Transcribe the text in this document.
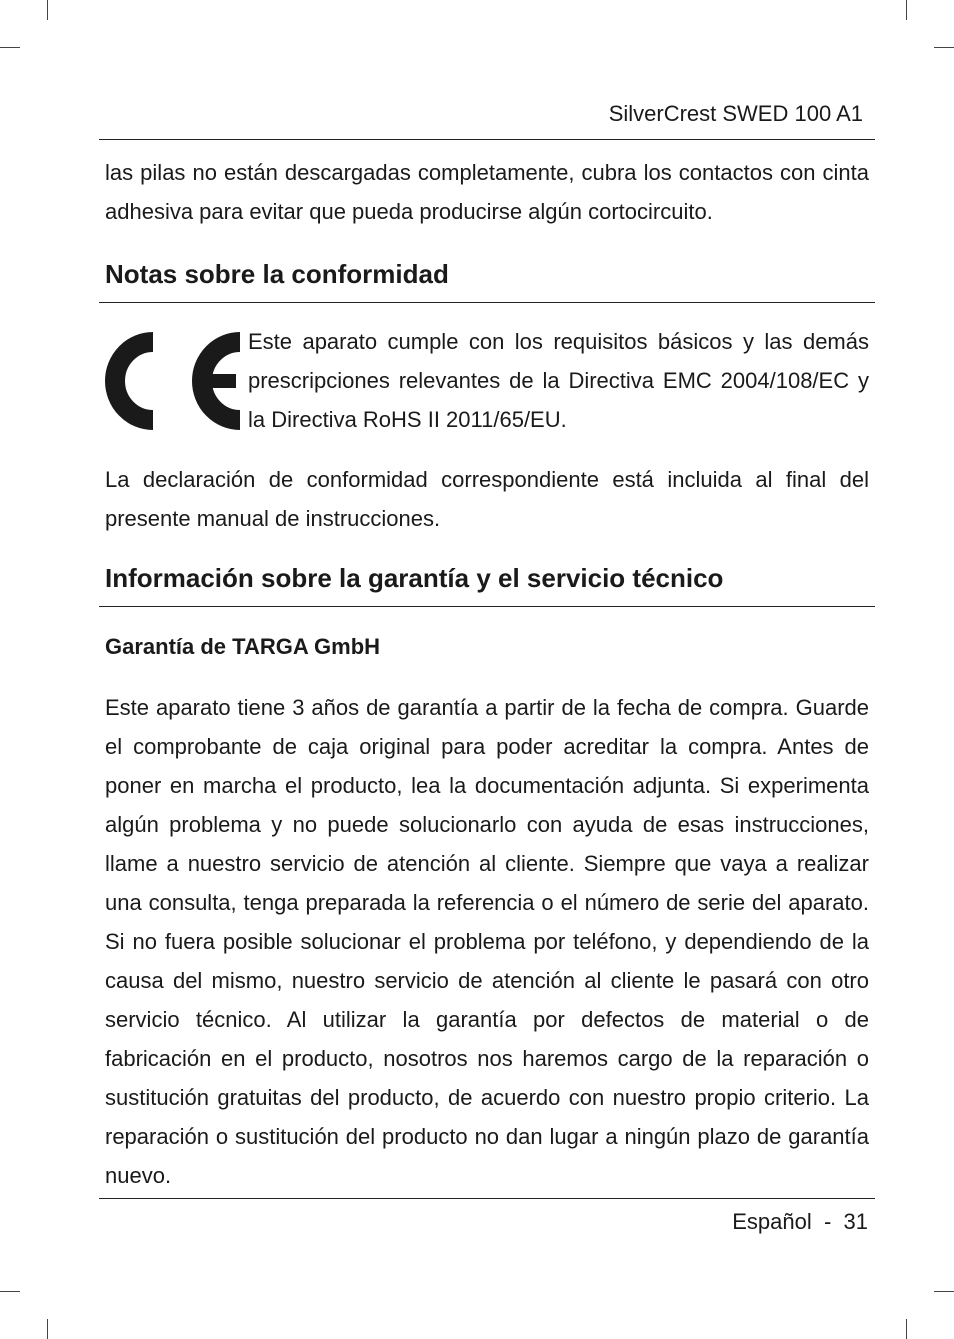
SilverCrest SWED 100 A1

las pilas no están descargadas completamente, cubra los contactos con cinta adhesiva para evitar que pueda producirse algún cortocircuito.

Notas sobre la conformidad

Este aparato cumple con los requisitos básicos y las demás prescripciones relevantes de la Directiva EMC 2004/108/EC y la Directiva RoHS II 2011/65/EU.

La declaración de conformidad correspondiente está incluida al final del presente manual de instrucciones.

Información sobre la garantía y el servicio técnico
Garantía de TARGA GmbH

Este aparato tiene 3 años de garantía a partir de la fecha de compra. Guarde el comprobante de caja original para poder acreditar la compra. Antes de poner en marcha el producto, lea la documentación adjunta. Si experimenta algún problema y no puede solucionarlo con ayuda de esas instrucciones, llame a nuestro servicio de atención al cliente. Siempre que vaya a realizar una consulta, tenga preparada la referencia o el número de serie del aparato. Si no fuera posible solucionar el problema por teléfono, y dependiendo de la causa del mismo, nuestro servicio de atención al cliente le pasará con otro servicio técnico. Al utilizar la garantía por defectos de material o de fabricación en el producto, nosotros nos haremos cargo de la reparación o sustitución gratuitas del producto, de acuerdo con nuestro propio criterio. La reparación o sustitución del producto no dan lugar a ningún plazo de garantía nuevo.

Español  -  31
